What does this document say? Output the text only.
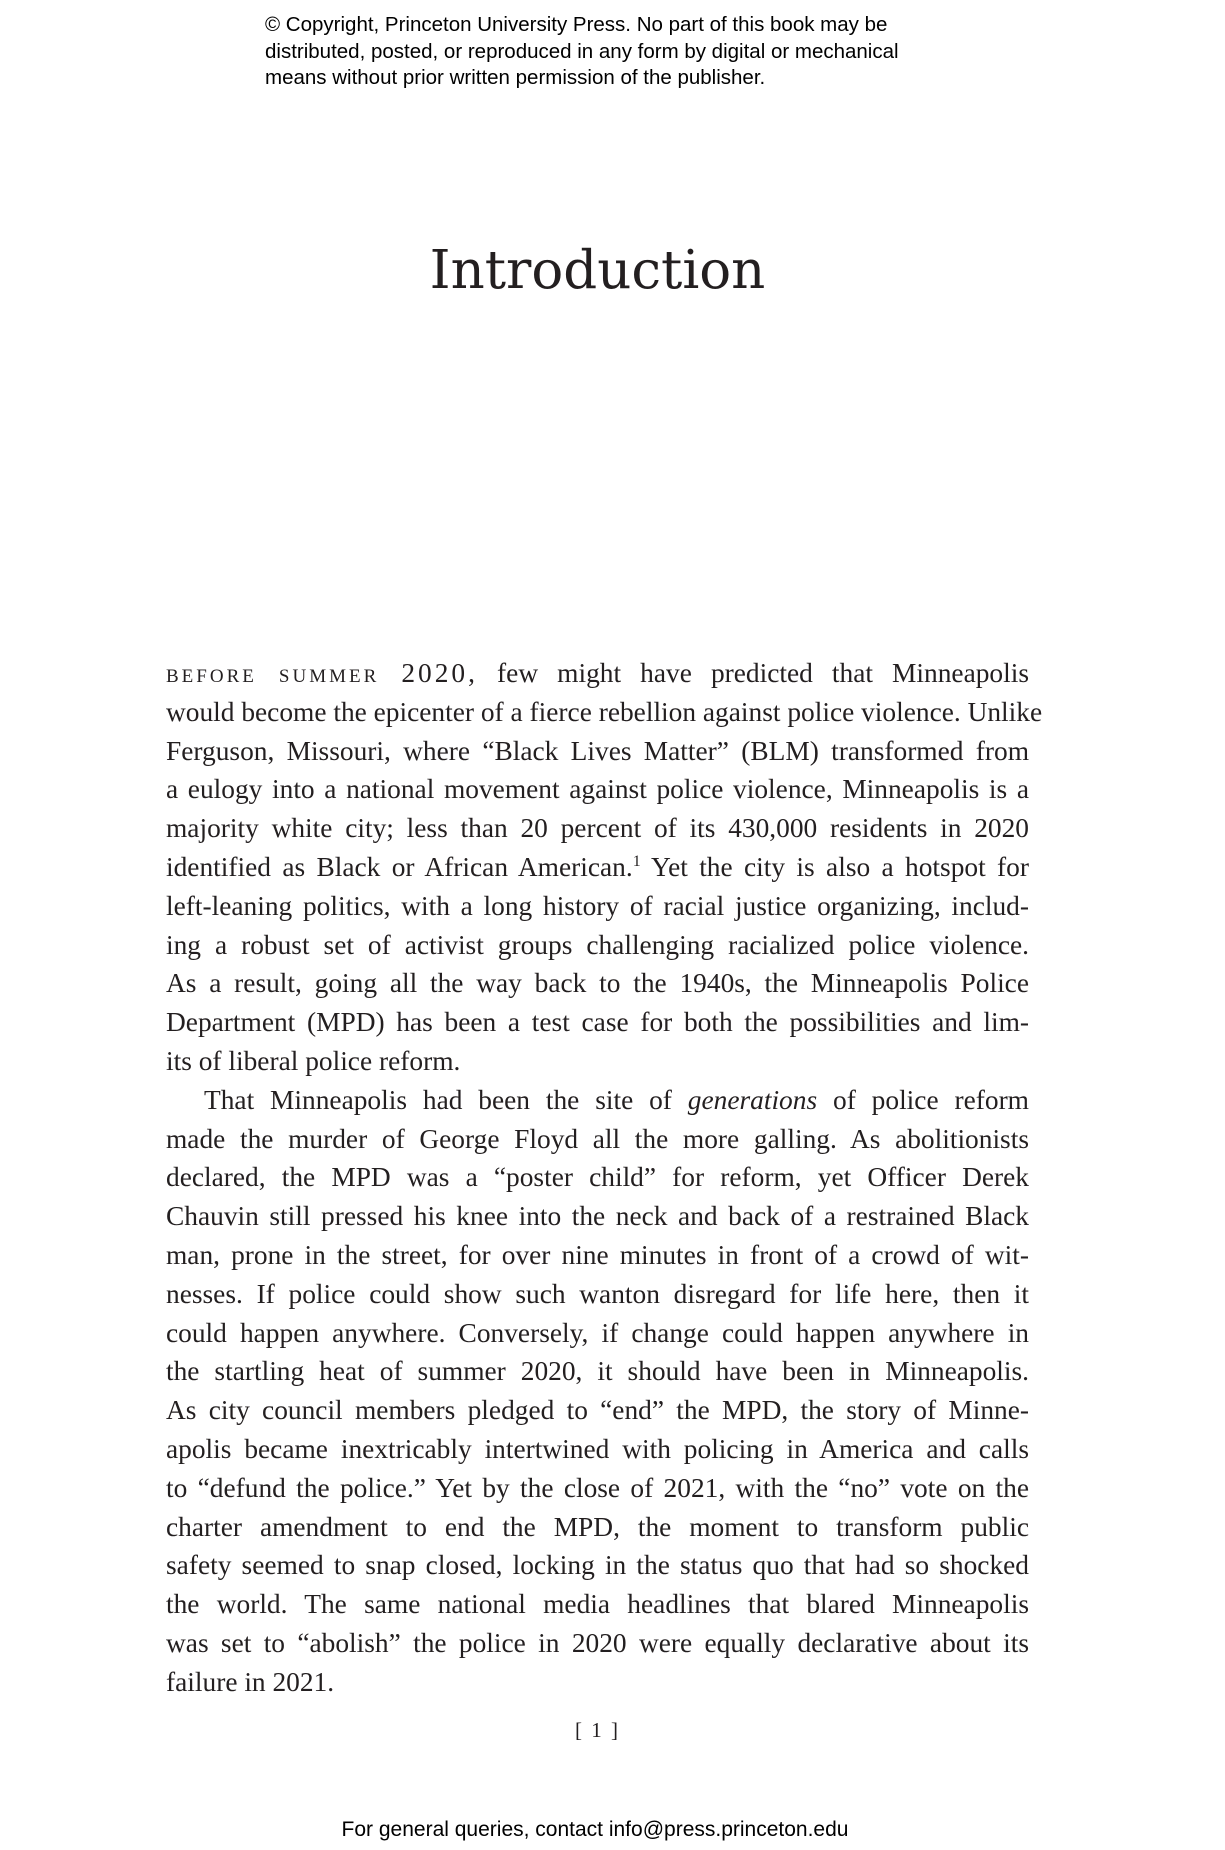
© Copyright, Princeton University Press. No part of this book may be
distributed, posted, or reproduced in any form by digital or mechanical
means without prior written permission of the publisher.
Introduction
before summer 2020, few might have predicted that Minneapolis
would become the epicenter of a fierce rebellion against police violence. Unlike
Ferguson, Missouri, where “Black Lives Matter” (BLM) transformed from
a eulogy into a national movement against police violence, Minneapolis is a
majority white city; less than 20 percent of its 430,000 residents in 2020
identified as Black or African American.$^1$ Yet the city is also a hotspot for
left-leaning politics, with a long history of racial justice organizing, includ-
ing a robust set of activist groups challenging racialized police violence.
As a result, going all the way back to the 1940s, the Minneapolis Police
Department (MPD) has been a test case for both the possibilities and lim-
its of liberal police reform.
That Minneapolis had been the site of generations of police reform
made the murder of George Floyd all the more galling. As abolitionists
declared, the MPD was a “poster child” for reform, yet Officer Derek
Chauvin still pressed his knee into the neck and back of a restrained Black
man, prone in the street, for over nine minutes in front of a crowd of wit-
nesses. If police could show such wanton disregard for life here, then it
could happen anywhere. Conversely, if change could happen anywhere in
the startling heat of summer 2020, it should have been in Minneapolis.
As city council members pledged to “end” the MPD, the story of Minne-
apolis became inextricably intertwined with policing in America and calls
to “defund the police.” Yet by the close of 2021, with the “no” vote on the
charter amendment to end the MPD, the moment to transform public
safety seemed to snap closed, locking in the status quo that had so shocked
the world. The same national media headlines that blared Minneapolis
was set to “abolish” the police in 2020 were equally declarative about its
failure in 2021.
[ 1 ]
For general queries, contact info@press.princeton.edu
